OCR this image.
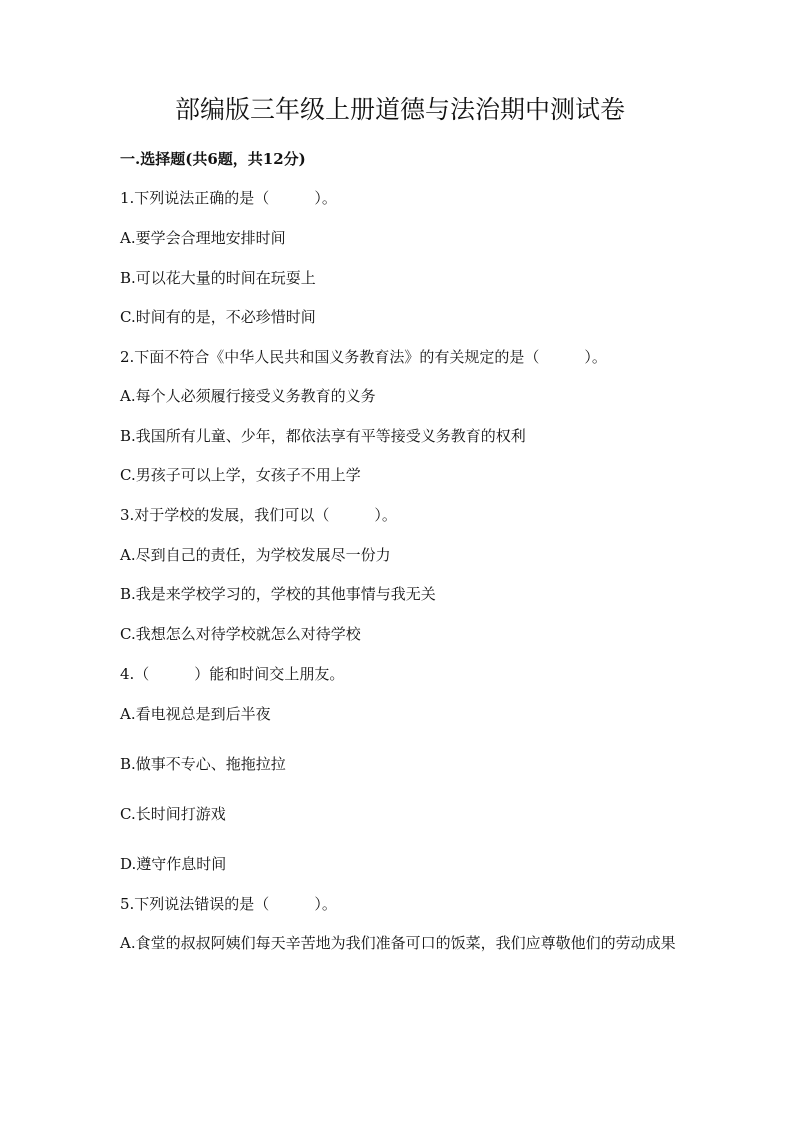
部编版三年级上册道德与法治期中测试卷
一.选择题(共6题，共12分)
1.下列说法正确的是（　　　）。
A.要学会合理地安排时间
B.可以花大量的时间在玩耍上
C.时间有的是，不必珍惜时间
2.下面不符合《中华人民共和国义务教育法》的有关规定的是（　　　）。
A.每个人必须履行接受义务教育的义务
B.我国所有儿童、少年，都依法享有平等接受义务教育的权利
C.男孩子可以上学，女孩子不用上学
3.对于学校的发展，我们可以（　　　）。
A.尽到自己的责任，为学校发展尽一份力
B.我是来学校学习的，学校的其他事情与我无关
C.我想怎么对待学校就怎么对待学校
4.（　　　）能和时间交上朋友。
A.看电视总是到后半夜
B.做事不专心、拖拖拉拉
C.长时间打游戏
D.遵守作息时间
5.下列说法错误的是（　　　）。
A.食堂的叔叔阿姨们每天辛苦地为我们准备可口的饭菜，我们应尊敬他们的劳动成果
